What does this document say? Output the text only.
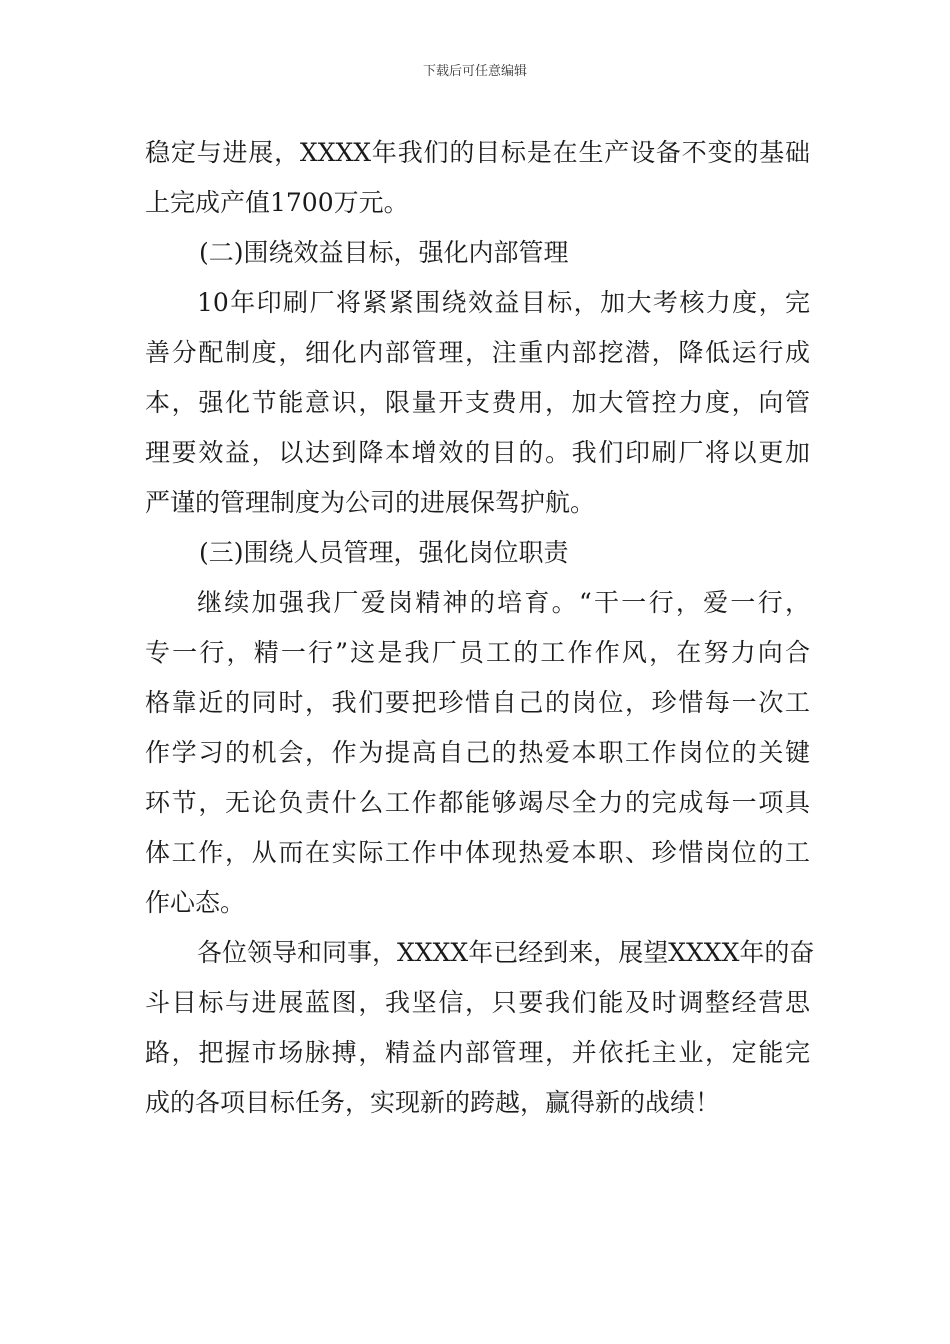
下载后可任意编辑
稳定与进展，XXXX年我们的目标是在生产设备不变的基础
上完成产值1700万元。
(二)围绕效益目标，强化内部管理
10年印刷厂将紧紧围绕效益目标，加大考核力度，完
善分配制度，细化内部管理，注重内部挖潜，降低运行成
本，强化节能意识，限量开支费用，加大管控力度，向管
理要效益，以达到降本增效的目的。我们印刷厂将以更加
严谨的管理制度为公司的进展保驾护航。
(三)围绕人员管理，强化岗位职责
继续加强我厂爱岗精神的培育。“干一行，爱一行，
专一行，精一行”这是我厂员工的工作作风，在努力向合
格靠近的同时，我们要把珍惜自己的岗位，珍惜每一次工
作学习的机会，作为提高自己的热爱本职工作岗位的关键
环节，无论负责什么工作都能够竭尽全力的完成每一项具
体工作，从而在实际工作中体现热爱本职、珍惜岗位的工
作心态。
各位领导和同事，XXXX年已经到来，展望XXXX年的奋
斗目标与进展蓝图，我坚信，只要我们能及时调整经营思
路，把握市场脉搏，精益内部管理，并依托主业，定能完
成的各项目标任务，实现新的跨越，赢得新的战绩！
